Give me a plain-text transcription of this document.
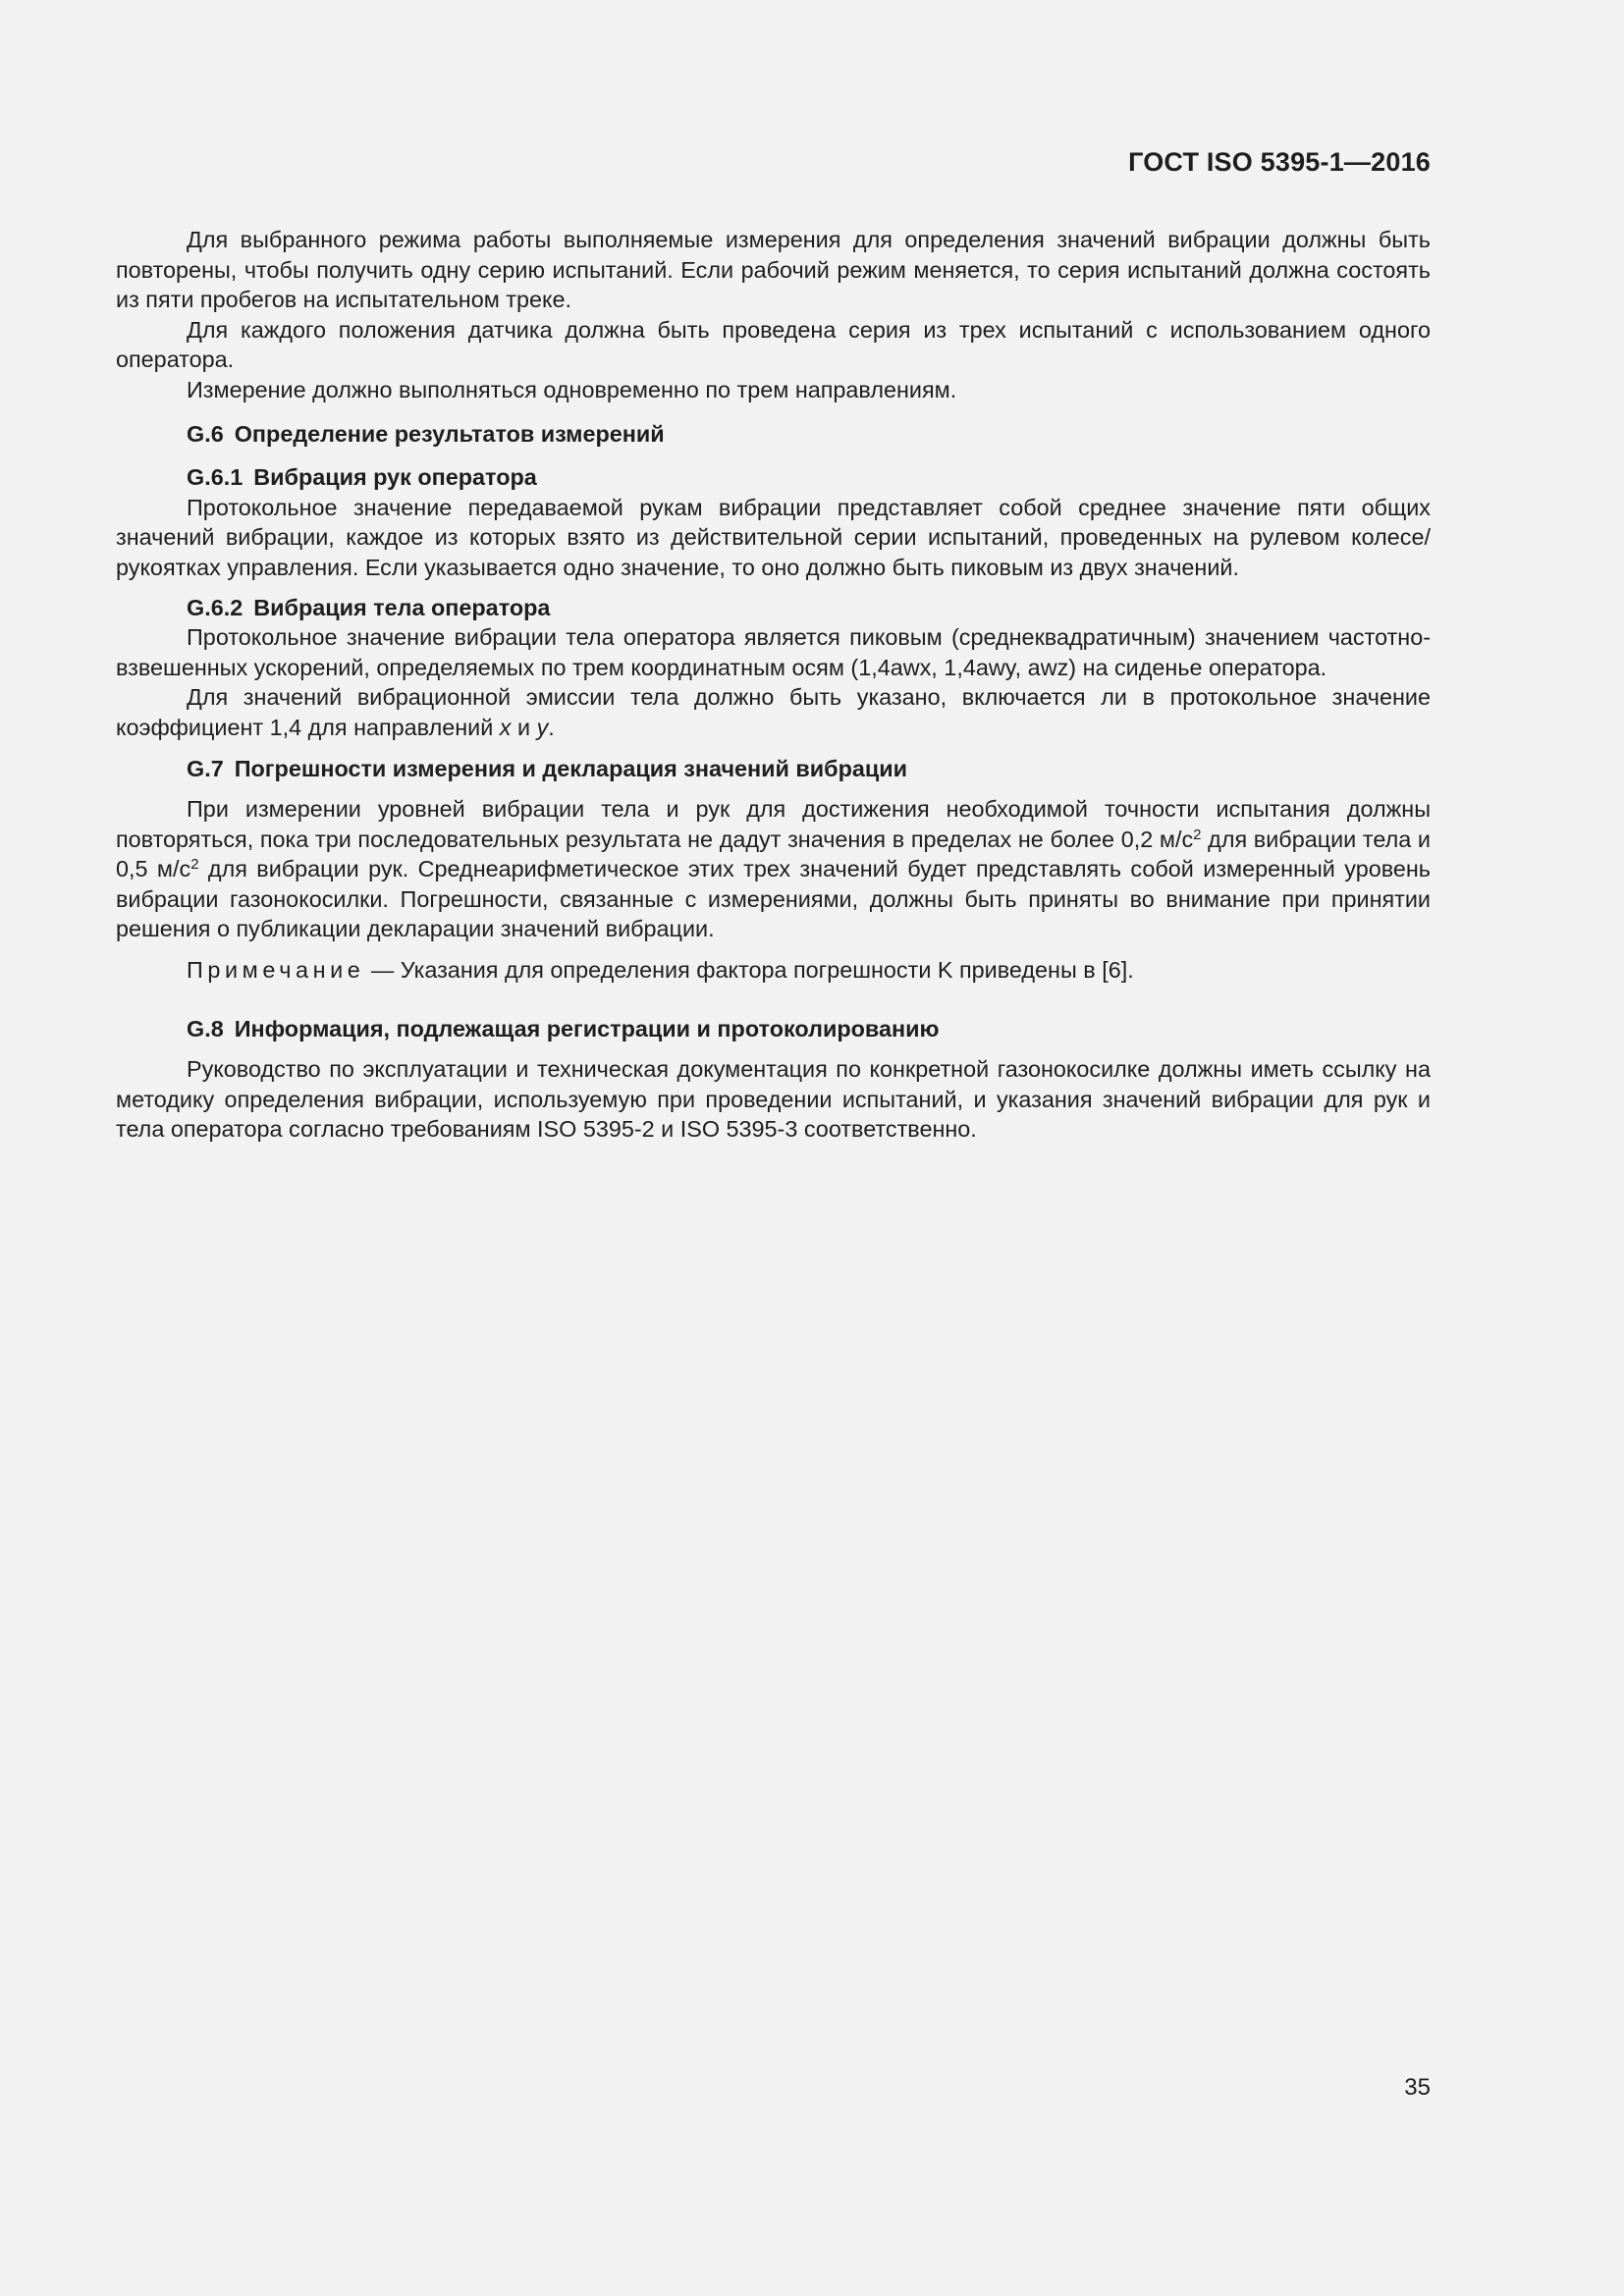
ГОСТ ISO 5395-1—2016

Для выбранного режима работы выполняемые измерения для определения значений вибрации должны быть повторены, чтобы получить одну серию испытаний. Если рабочий режим меняется, то серия испытаний должна состоять из пяти пробегов на испытательном треке.

Для каждого положения датчика должна быть проведена серия из трех испытаний с использованием одного оператора.

Измерение должно выполняться одновременно по трем направлениям.

G.6 Определение результатов измерений
G.6.1 Вибрация рук оператора

Протокольное значение передаваемой рукам вибрации представляет собой среднее значение пяти общих значений вибрации, каждое из которых взято из действительной серии испытаний, проведенных на рулевом колесе/рукоятках управления. Если указывается одно значение, то оно должно быть пиковым из двух значений.

G.6.2 Вибрация тела оператора

Протокольное значение вибрации тела оператора является пиковым (среднеквадратичным) значением частотно-взвешенных ускорений, определяемых по трем координатным осям (1,4awx, 1,4awy, awz) на сиденье оператора.

Для значений вибрационной эмиссии тела должно быть указано, включается ли в протокольное значение коэффициент 1,4 для направлений x и y.

G.7 Погрешности измерения и декларация значений вибрации

При измерении уровней вибрации тела и рук для достижения необходимой точности испытания должны повторяться, пока три последовательных результата не дадут значения в пределах не более 0,2 $м/с^2$ для вибрации тела и 0,5 $м/с^2$ для вибрации рук. Среднеарифметическое этих трех значений будет представлять собой измеренный уровень вибрации газонокосилки. Погрешности, связанные с измерениями, должны быть приняты во внимание при принятии решения о публикации декларации значений вибрации.

Примечание — Указания для определения фактора погрешности K приведены в [6].
G.8 Информация, подлежащая регистрации и протоколированию

Руководство по эксплуатации и техническая документация по конкретной газонокосилке должны иметь ссылку на методику определения вибрации, используемую при проведении испытаний, и указания значений вибрации для рук и тела оператора согласно требованиям ISO 5395-2 и ISO 5395-3 соответственно.

35
